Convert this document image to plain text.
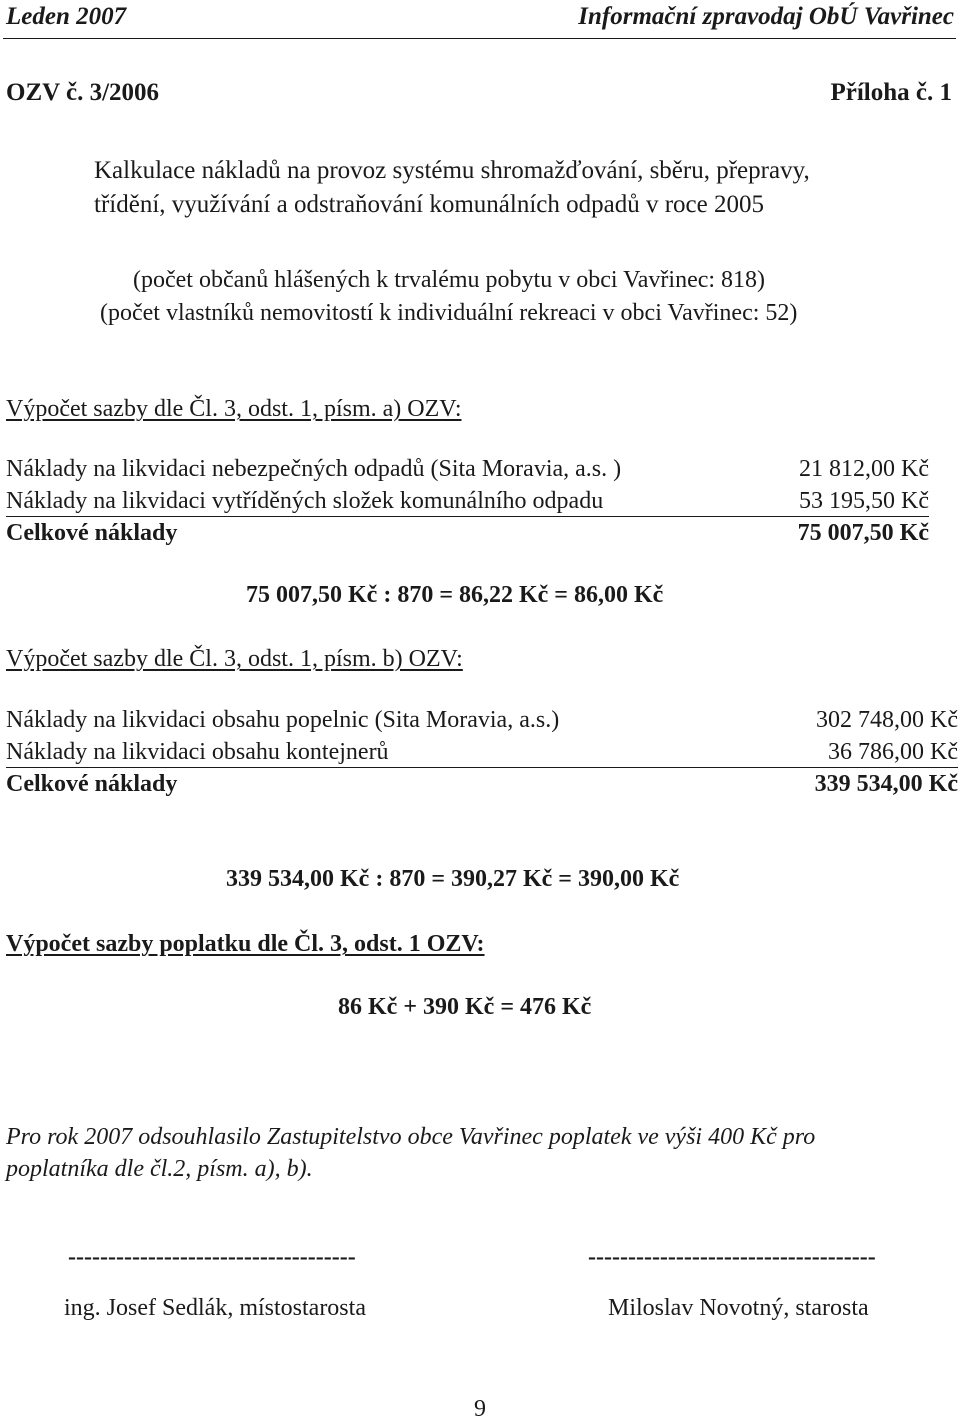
Leden 2007	Informační zpravodaj ObÚ Vavřinec
OZV č. 3/2006	Příloha č. 1
Kalkulace nákladů na provoz systému shromažďování, sběru, přepravy,
třídění, využívání a odstraňování komunálních odpadů v roce 2005
(počet občanů hlášených k trvalému pobytu v obci Vavřinec: 818)
(počet vlastníků nemovitostí k individuální rekreaci v obci Vavřinec: 52)
Výpočet sazby dle Čl. 3, odst. 1, písm. a) OZV:
Náklady na likvidaci nebezpečných odpadů (Sita Moravia, a.s. )	21 812,00 Kč
Náklady na likvidaci vytříděných složek komunálního odpadu	53 195,50 Kč
Celkové náklady	75 007,50 Kč
75 007,50 Kč : 870 = 86,22 Kč = 86,00 Kč
Výpočet sazby dle Čl. 3, odst. 1, písm. b) OZV:
Náklady na likvidaci obsahu popelnic (Sita Moravia, a.s.)	302 748,00 Kč
Náklady na likvidaci obsahu kontejnerů	36 786,00 Kč
Celkové náklady	339 534,00 Kč
339 534,00 Kč : 870 = 390,27 Kč = 390,00 Kč
Výpočet sazby poplatku dle Čl. 3, odst. 1 OZV:
86 Kč + 390 Kč = 476 Kč
Pro rok 2007 odsouhlasilo Zastupitelstvo obce Vavřinec poplatek ve výši 400 Kč pro
poplatníka dle čl.2, písm. a), b).
------------------------------------	------------------------------------
ing. Josef Sedlák, místostarosta	Miloslav Novotný, starosta
9
